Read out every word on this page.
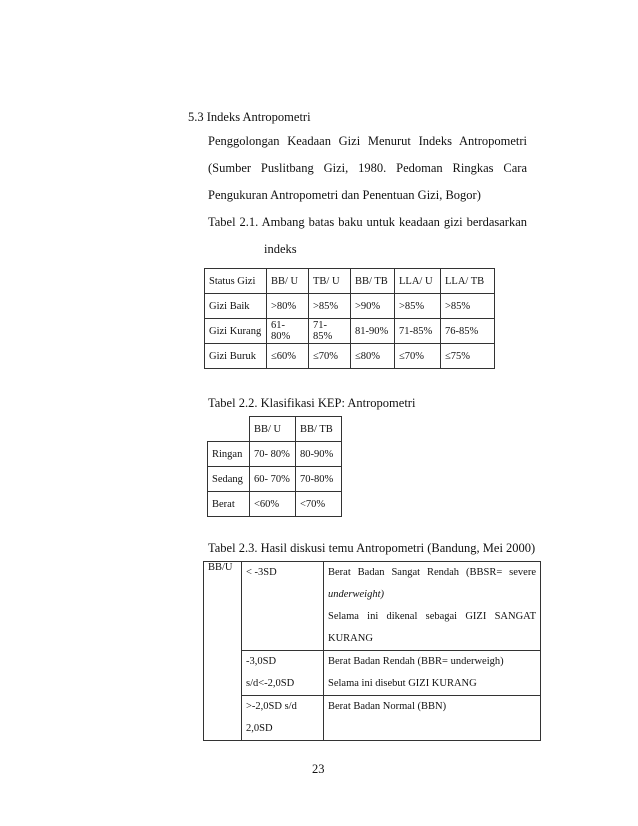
5.3 Indeks Antropometri
Penggolongan Keadaan Gizi Menurut Indeks Antropometri
(Sumber Puslitbang Gizi, 1980. Pedoman Ringkas Cara
Pengukuran Antropometri dan Penentuan Gizi, Bogor)
Tabel 2.1. Ambang batas baku untuk keadaan gizi berdasarkan
indeks
Status Gizi	BB/ U	TB/ U	BB/ TB	LLA/ U	LLA/ TB
Gizi Baik	>80%	>85%	>90%	>85%	>85%
Gizi Kurang	61-80%	71-85%	81-90%	71-85%	76-85%
Gizi Buruk	≤60%	≤70%	≤80%	≤70%	≤75%
Tabel 2.2. Klasifikasi KEP: Antropometri
	BB/ U	BB/ TB
Ringan	70- 80%	80-90%
Sedang	60- 70%	70-80%
Berat	<60%	<70%
Tabel 2.3. Hasil diskusi temu Antropometri (Bandung, Mei 2000)
BB/U	< -3SD	Berat Badan Sangat Rendah (BBSR= severe
underweight)
Selama ini dikenal sebagai GIZI SANGAT
KURANG

	-3,0SD s/d<-2,0SD	Berat Badan Rendah (BBR= underweigh)
Selama ini disebut GIZI KURANG

	>-2,0SD s/d 2,0SD	Berat Badan Normal (BBN)
23
